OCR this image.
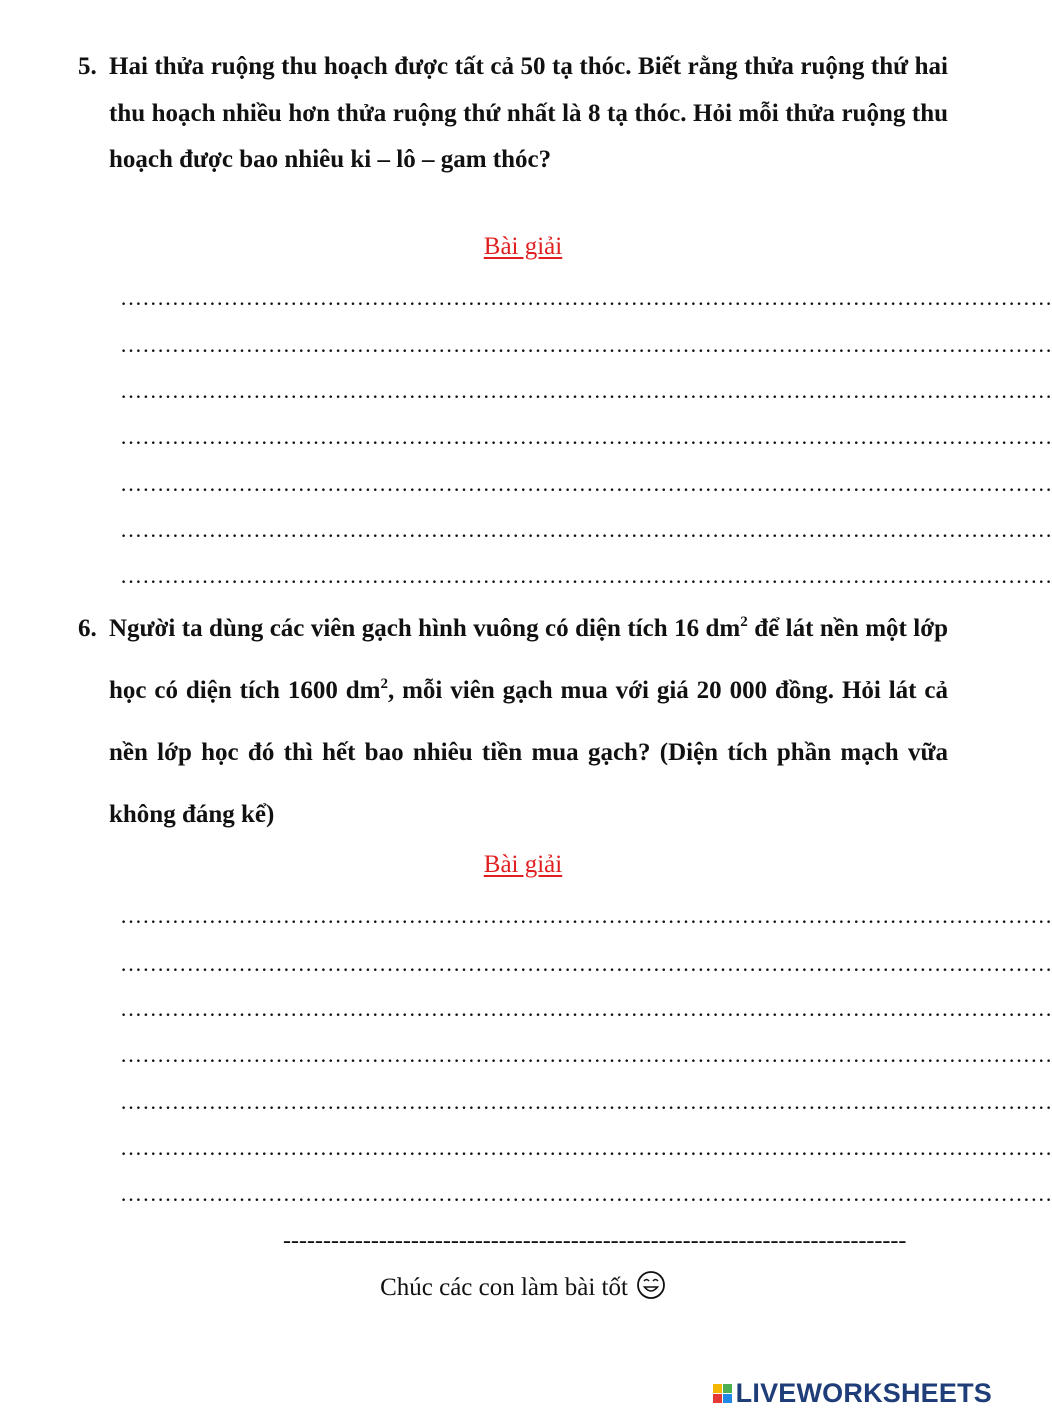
5. Hai thửa ruộng thu hoạch được tất cả 50 tạ thóc. Biết rằng thửa ruộng thứ hai thu hoạch nhiều hơn thửa ruộng thứ nhất là 8 tạ thóc. Hỏi mỗi thửa ruộng thu hoạch được bao nhiêu ki – lô – gam thóc?
Bài giải
………………………………………………………………………………………………………………
………………………………………………………………………………………………………………
………………………………………………………………………………………………………………
………………………………………………………………………………………………………………
………………………………………………………………………………………………………………
………………………………………………………………………………………………………………
………………………………………………………………………………………………………………
6. Người ta dùng các viên gạch hình vuông có diện tích 16 $dm^2$ để lát nền một lớp học có diện tích 1600 $dm^2$, mỗi viên gạch mua với giá 20 000 đồng. Hỏi lát cả nền lớp học đó thì hết bao nhiêu tiền mua gạch? (Diện tích phần mạch vữa không đáng kể)
Bài giải
………………………………………………………………………………………………………………
………………………………………………………………………………………………………………
………………………………………………………………………………………………………………
………………………………………………………………………………………………………………
………………………………………………………………………………………………………………
………………………………………………………………………………………………………………
………………………………………………………………………………………………………………
------------------------------------------------------------------------------
Chúc các con làm bài tốt
LIVEWORKSHEETS
